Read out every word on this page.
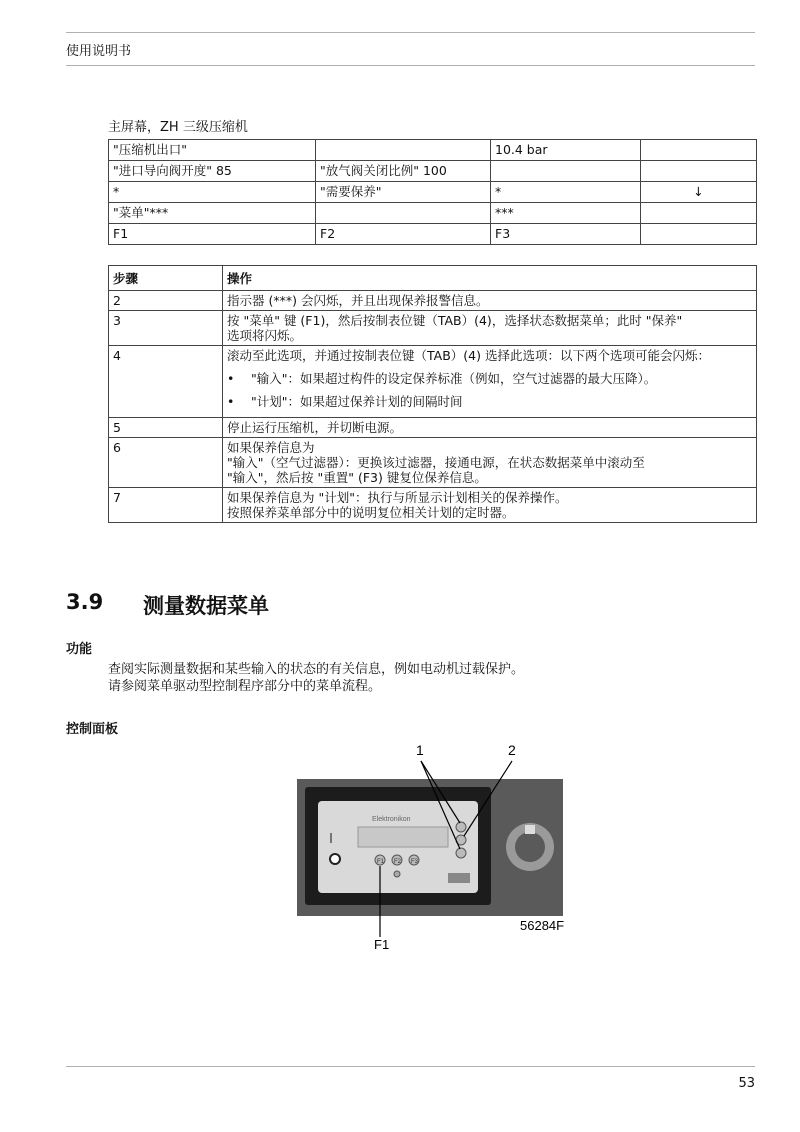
使用说明书
主屏幕，ZH 三级压缩机
"压缩机出口"		10.4 bar	
"进口导向阀开度" 85	"放气阀关闭比例" 100		
*	"需要保养"	*	↓
"菜单"***		***	
F1	F2	F3	
步骤	操作
2	指示器 (***) 会闪烁，并且出现保养报警信息。

3	按 "菜单" 键 (F1)，然后按制表位键（TAB）(4)，选择状态数据菜单；此时 "保养"
选项将闪烁。

4	滚动至此选项，并通过按制表位键（TAB）(4) 选择此选项：以下两个选项可能会闪烁：
• "输入"：如果超过构件的设定保养标准（例如，空气过滤器的最大压降）。
• "计划"：如果超过保养计划的间隔时间

5	停止运行压缩机，并切断电源。

6	如果保养信息为
"输入"（空气过滤器）：更换该过滤器，接通电源，在状态数据菜单中滚动至
"输入"，然后按 "重置" (F3) 键复位保养信息。

7	如果保养信息为 "计划"：执行与所显示计划相关的保养操作。
按照保养菜单部分中的说明复位相关计划的定时器。
3.9 测量数据菜单
功能
查阅实际测量数据和某些输入的状态的有关信息，例如电动机过载保护。
请参阅菜单驱动型控制程序部分中的菜单流程。
控制面板
1	2
Elektronikon
F1 F2 F3
56284F
F1
53
